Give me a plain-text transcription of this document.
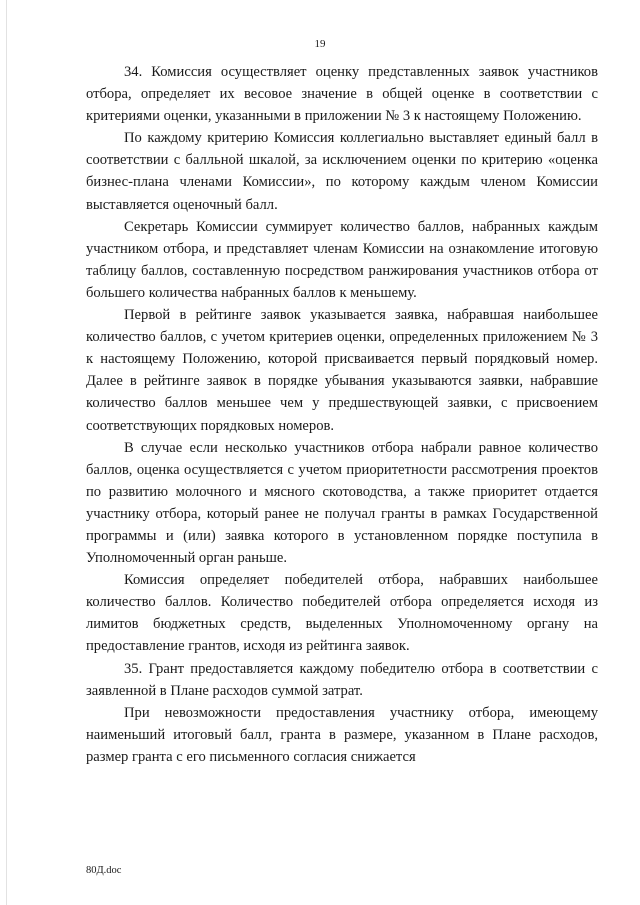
19

34. Комиссия осуществляет оценку представленных заявок участников отбора, определяет их весовое значение в общей оценке в соответствии с критериями оценки, указанными в приложении № 3 к настоящему Положению.

По каждому критерию Комиссия коллегиально выставляет единый балл в соответствии с балльной шкалой, за исключением оценки по критерию «оценка бизнес-плана членами Комиссии», по которому каждым членом Комиссии выставляется оценочный балл.

Секретарь Комиссии суммирует количество баллов, набранных каждым участником отбора, и представляет членам Комиссии на ознакомление итоговую таблицу баллов, составленную посредством ранжирования участников отбора от большего количества набранных баллов к меньшему.

Первой в рейтинге заявок указывается заявка, набравшая наибольшее количество баллов, с учетом критериев оценки, определенных приложением № 3 к настоящему Положению, которой присваивается первый порядковый номер. Далее в рейтинге заявок в порядке убывания указываются заявки, набравшие количество баллов меньшее чем у предшествующей заявки, с присвоением соответствующих порядковых номеров.

В случае если несколько участников отбора набрали равное количество баллов, оценка осуществляется с учетом приоритетности рассмотрения проектов по развитию молочного и мясного скотоводства, а также приоритет отдается участнику отбора, который ранее не получал гранты в рамках Государственной программы и (или) заявка которого в установленном порядке поступила в Уполномоченный орган раньше.

Комиссия определяет победителей отбора, набравших наибольшее количество баллов. Количество победителей отбора определяется исходя из лимитов бюджетных средств, выделенных Уполномоченному органу на предоставление грантов, исходя из рейтинга заявок.

35. Грант предоставляется каждому победителю отбора в соответствии с заявленной в Плане расходов суммой затрат.

При невозможности предоставления участнику отбора, имеющему наименьший итоговый балл, гранта в размере, указанном в Плане расходов, размер гранта с его письменного согласия снижается

80Д.doc
